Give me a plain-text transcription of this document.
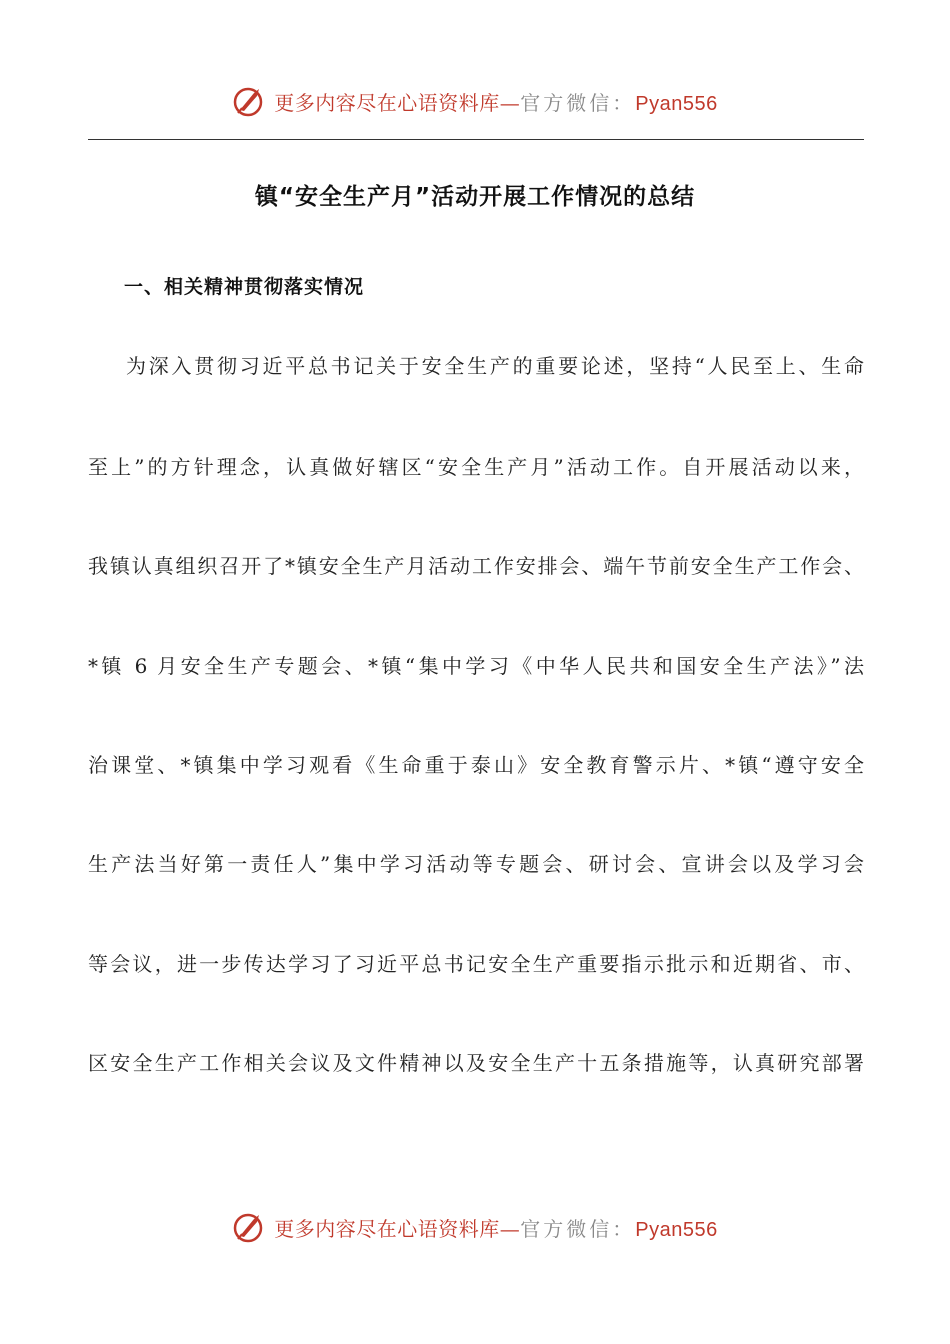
更多内容尽在心语资料库 — 官方微信： Pyan556
镇“安全生产月”活动开展工作情况的总结
一、相关精神贯彻落实情况
为深入贯彻习近平总书记关于安全生产的重要论述，坚持“人民至上、生命
至上”的方针理念，认真做好辖区“安全生产月”活动工作。自开展活动以来，
我镇认真组织召开了*镇安全生产月活动工作安排会、端午节前安全生产工作会、
*镇 6 月安全生产专题会、*镇“集中学习《中华人民共和国安全生产法》”法
治课堂、*镇集中学习观看《生命重于泰山》安全教育警示片、*镇“遵守安全
生产法当好第一责任人”集中学习活动等专题会、研讨会、宣讲会以及学习会
等会议，进一步传达学习了习近平总书记安全生产重要指示批示和近期省、市、
区安全生产工作相关会议及文件精神以及安全生产十五条措施等，认真研究部署
更多内容尽在心语资料库 — 官方微信： Pyan556
